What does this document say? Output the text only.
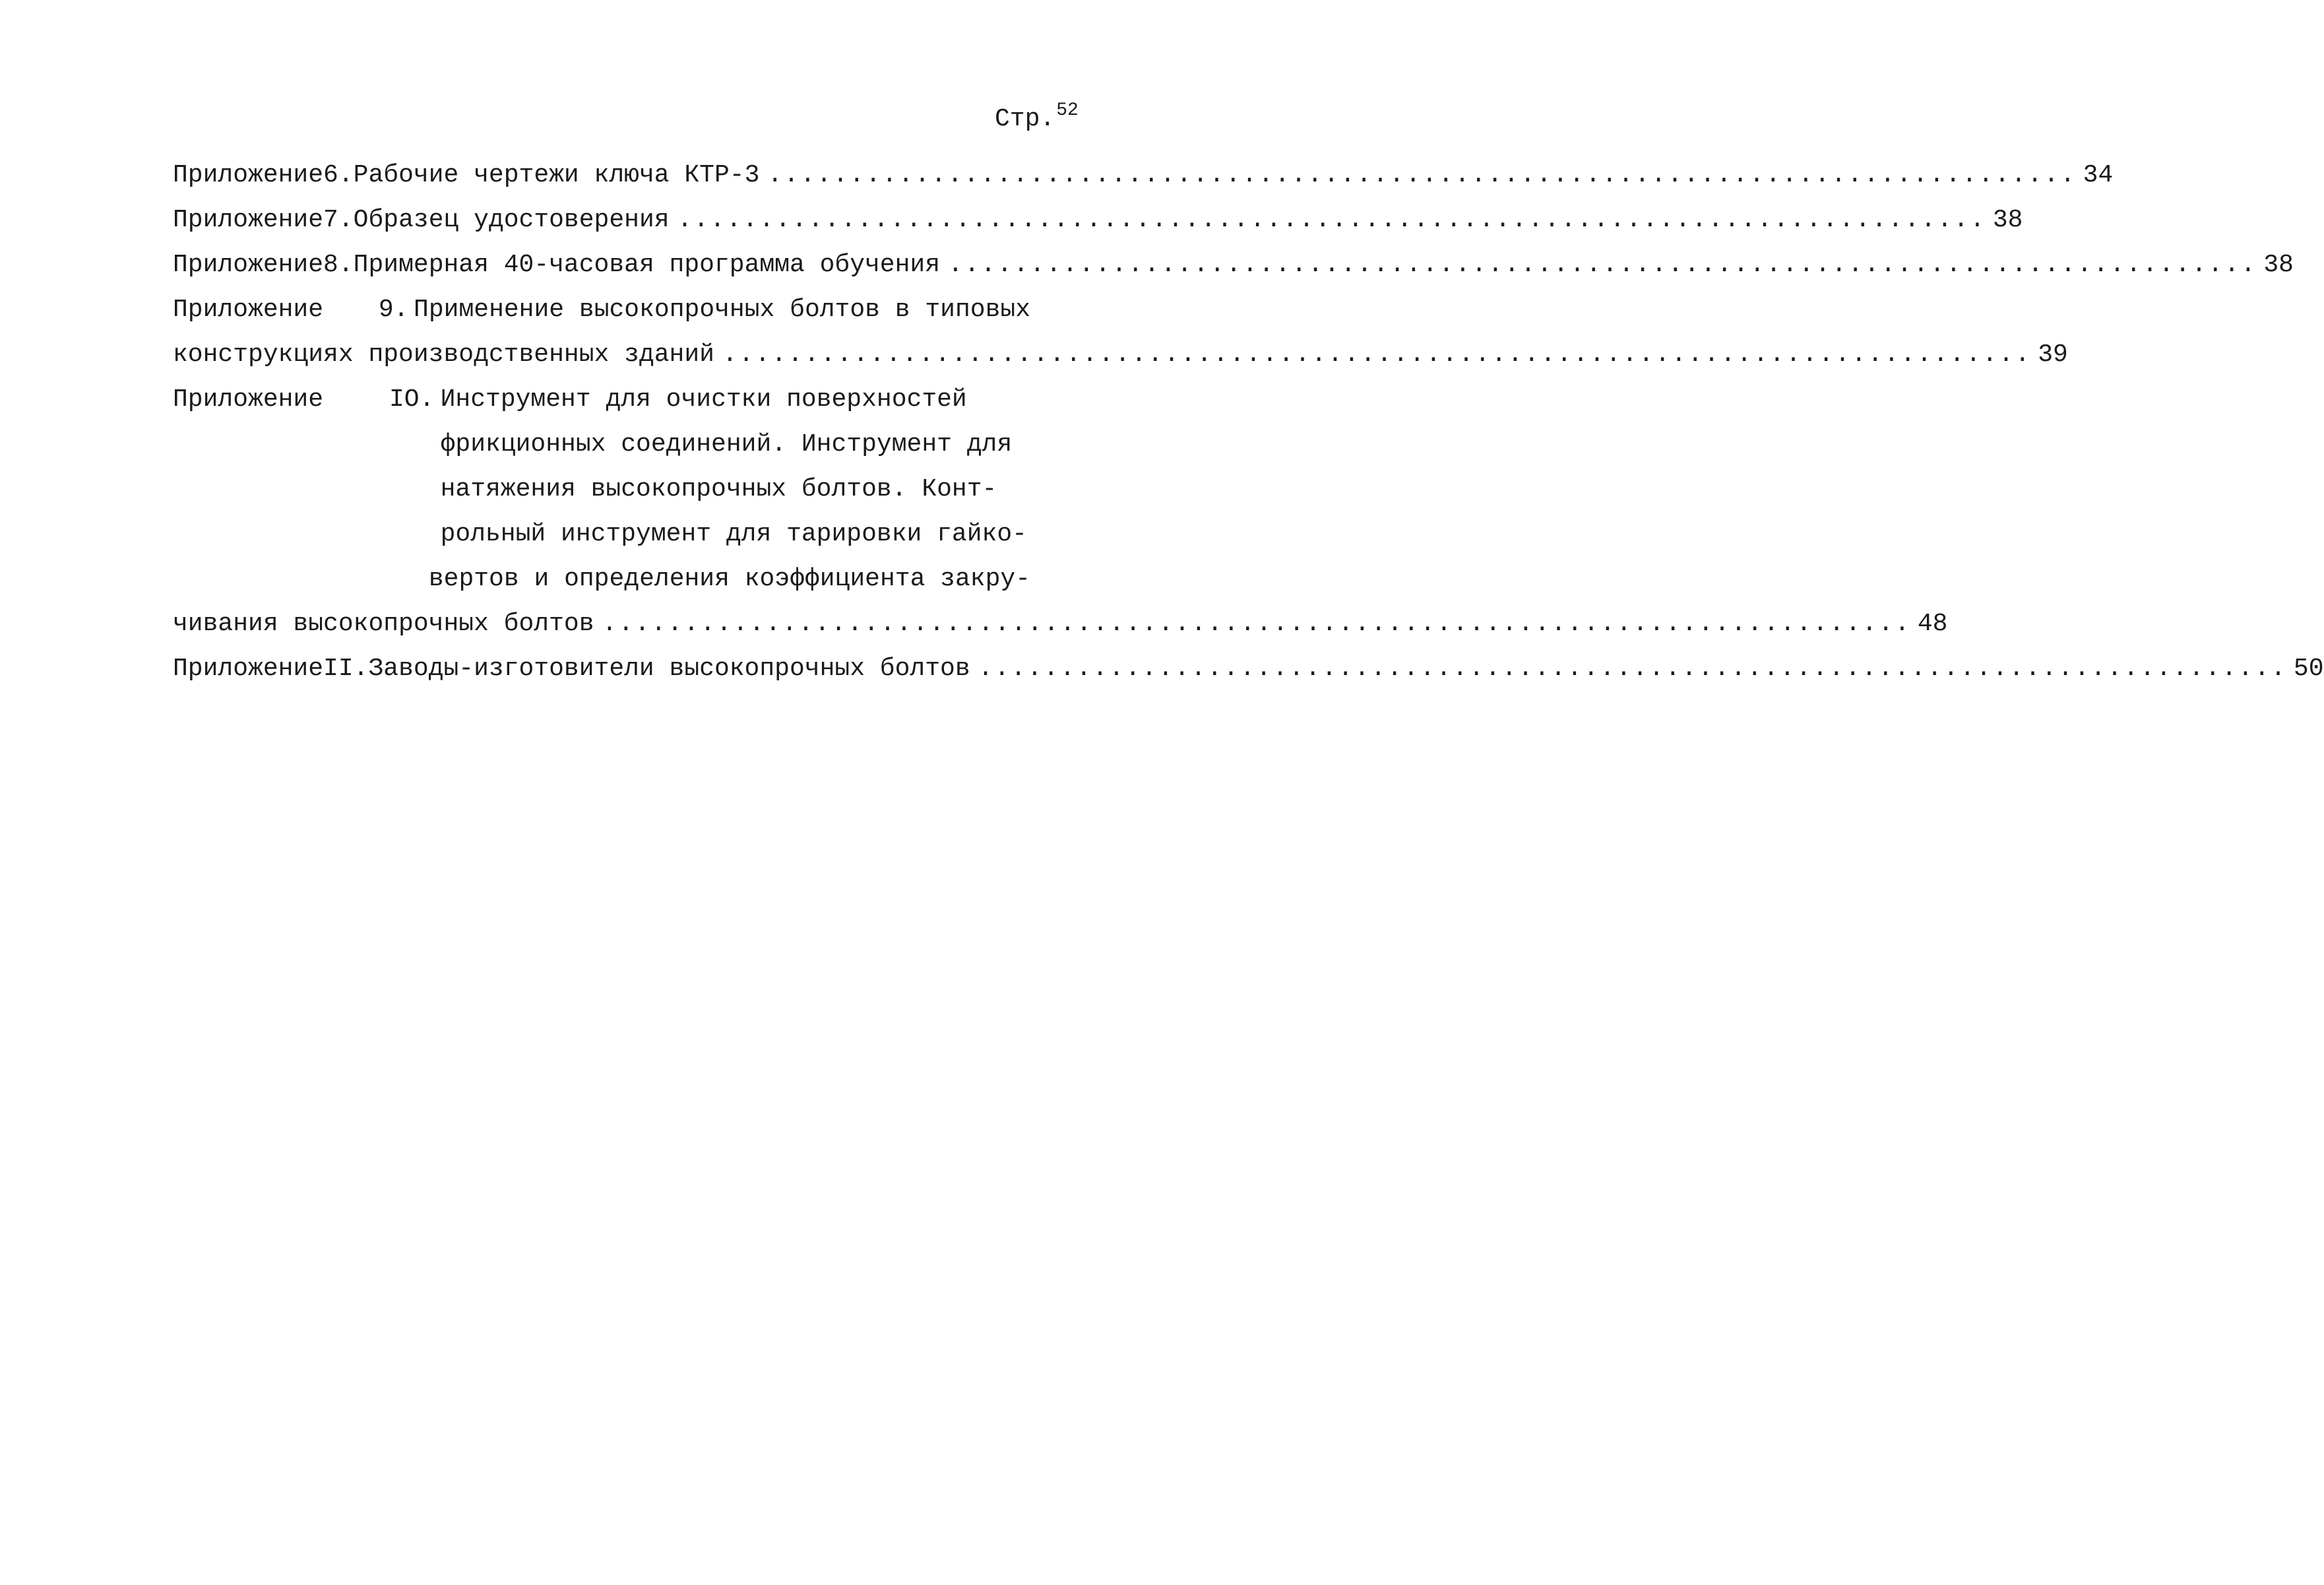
Стр.$^{52}$
Приложение 6 . Рабочие чертежи ключа КТР-3 ................................................................................ 34
Приложение 7 . Образец удостоверения ................................................................................ 38
Приложение 8 . Примерная 40-часовая программа обучения ................................................................................ 38
Приложение	9 . Применение высокопрочных болтов в типовых
конструкциях производственных зданий ................................................................................ 39
Приложение	IO . Инструмент для очистки поверхностей
фрикционных соединений. Инструмент для
натяжения высокопрочных болтов. Конт-
рольный инструмент для тарировки гайко-
вертов и определения коэффициента закру-
чивания высокопрочных болтов ................................................................................ 48
Приложение II . Заводы-изготовители высокопрочных болтов ................................................................................ 50
